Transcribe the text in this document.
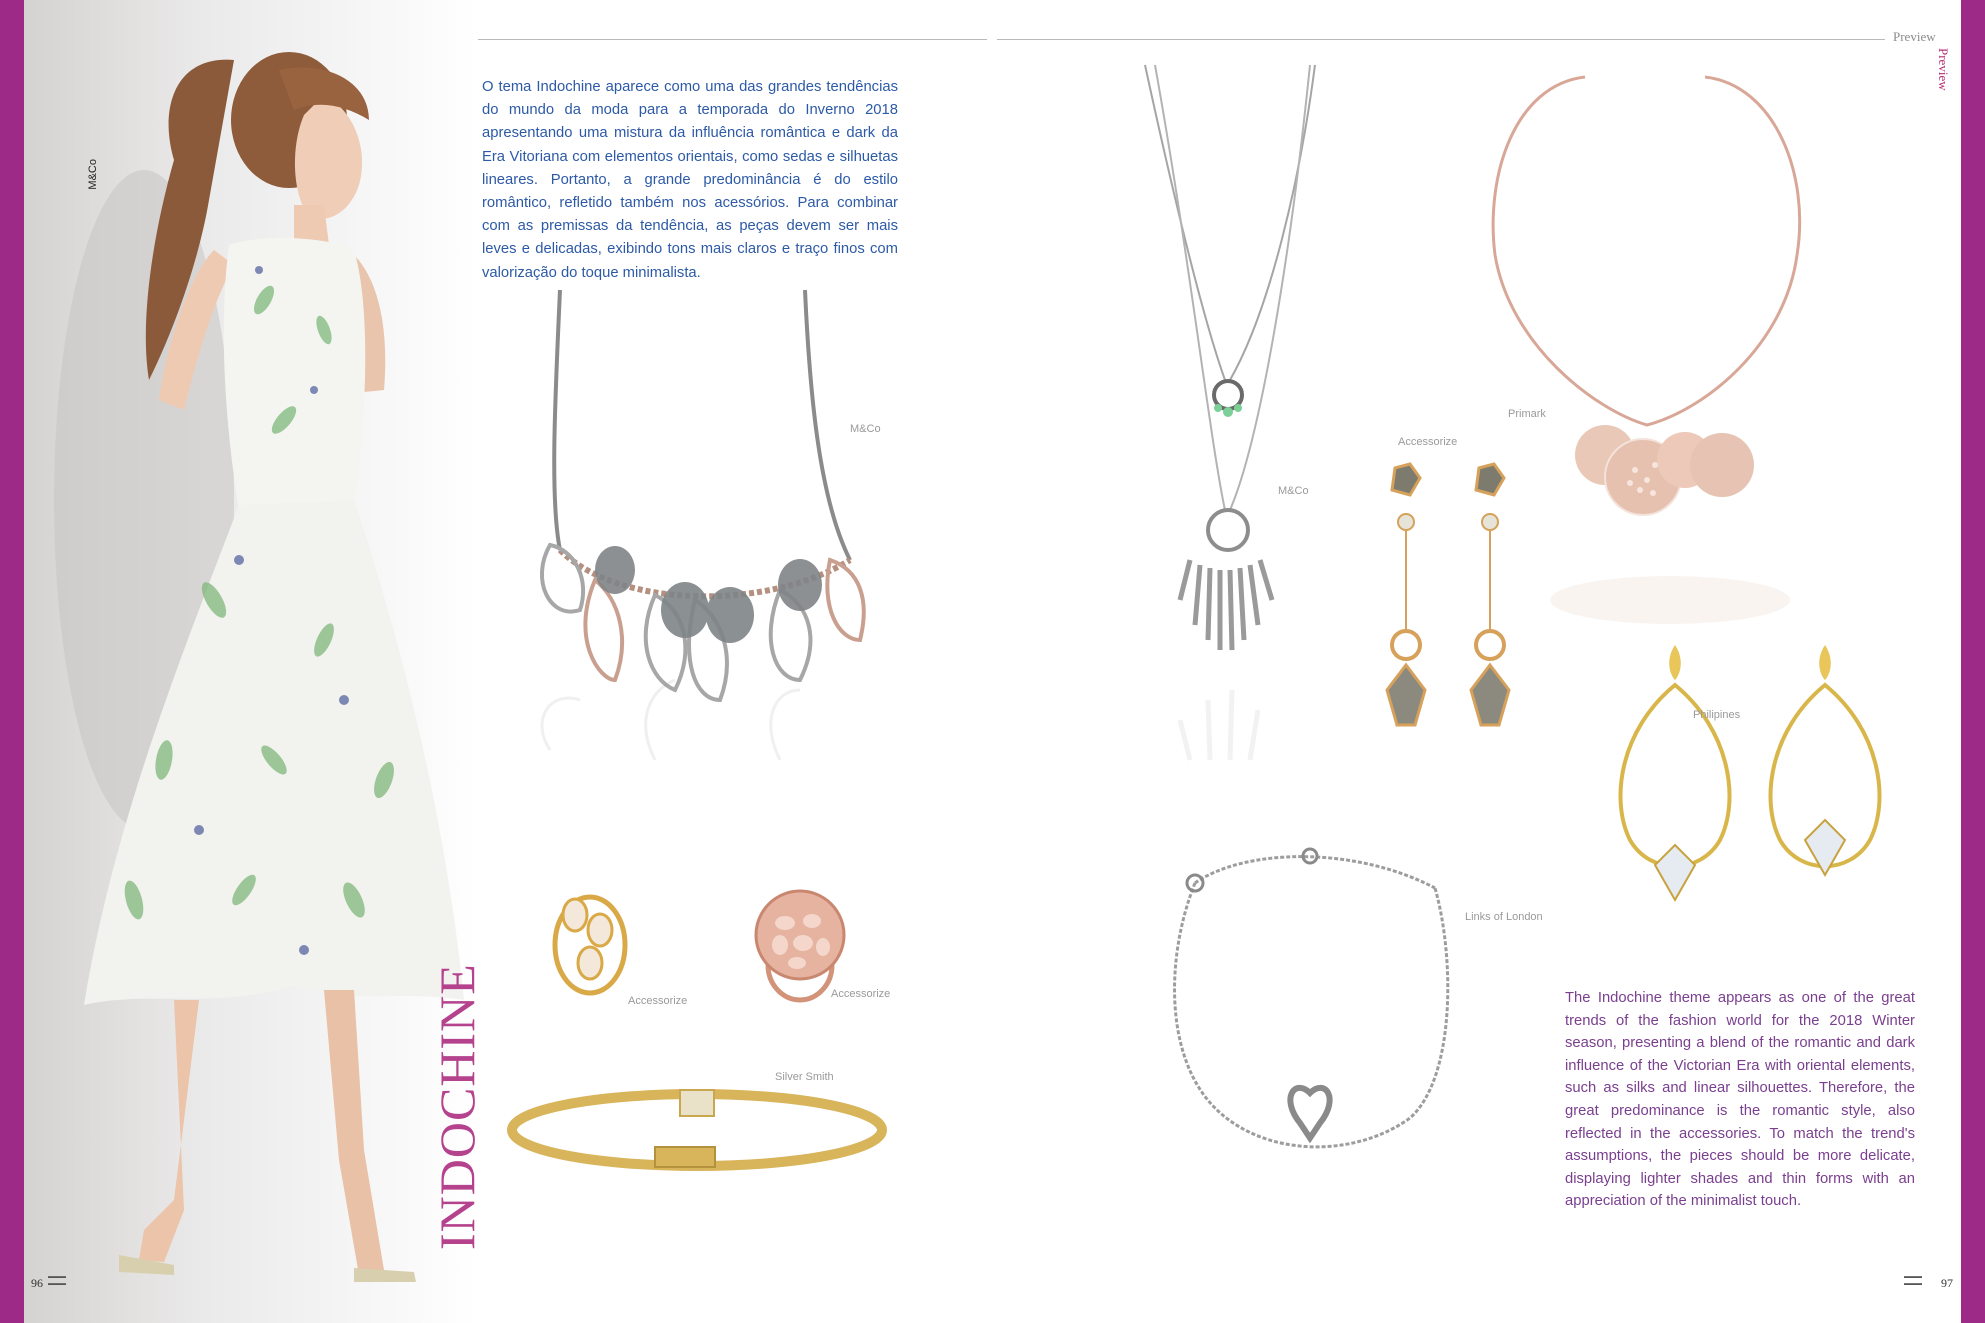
Preview
Preview
M&Co
INDOCHINE
O tema Indochine aparece como uma das grandes tendências do mundo da moda para a temporada do Inverno 2018 apresentando uma mistura da influência romântica e dark da Era Vitoriana com elementos orientais, como sedas e silhuetas lineares. Portanto, a grande predominância é do estilo romântico, refletido também nos acessórios. Para combinar com as premissas da tendência, as peças devem ser mais leves e delicadas, exibindo tons mais claros e traço finos com valorização do toque minimalista.
The Indochine theme appears as one of the great trends of the fashion world for the 2018 Winter season, presenting a blend of the romantic and dark influence of the Victorian Era with oriental elements, such as silks and linear silhouettes. Therefore, the great predominance is the romantic style, also reflected in the accessories. To match the trend's assumptions, the pieces should be more delicate, displaying lighter shades and thin forms with an appreciation of the minimalist touch.
M&Co
Accessorize
Accessorize
Silver Smith
M&Co
Accessorize
Primark
Philipines
Links of London
96	97
▬▬▬
▬▬▬
▬▬▬
▬▬▬
